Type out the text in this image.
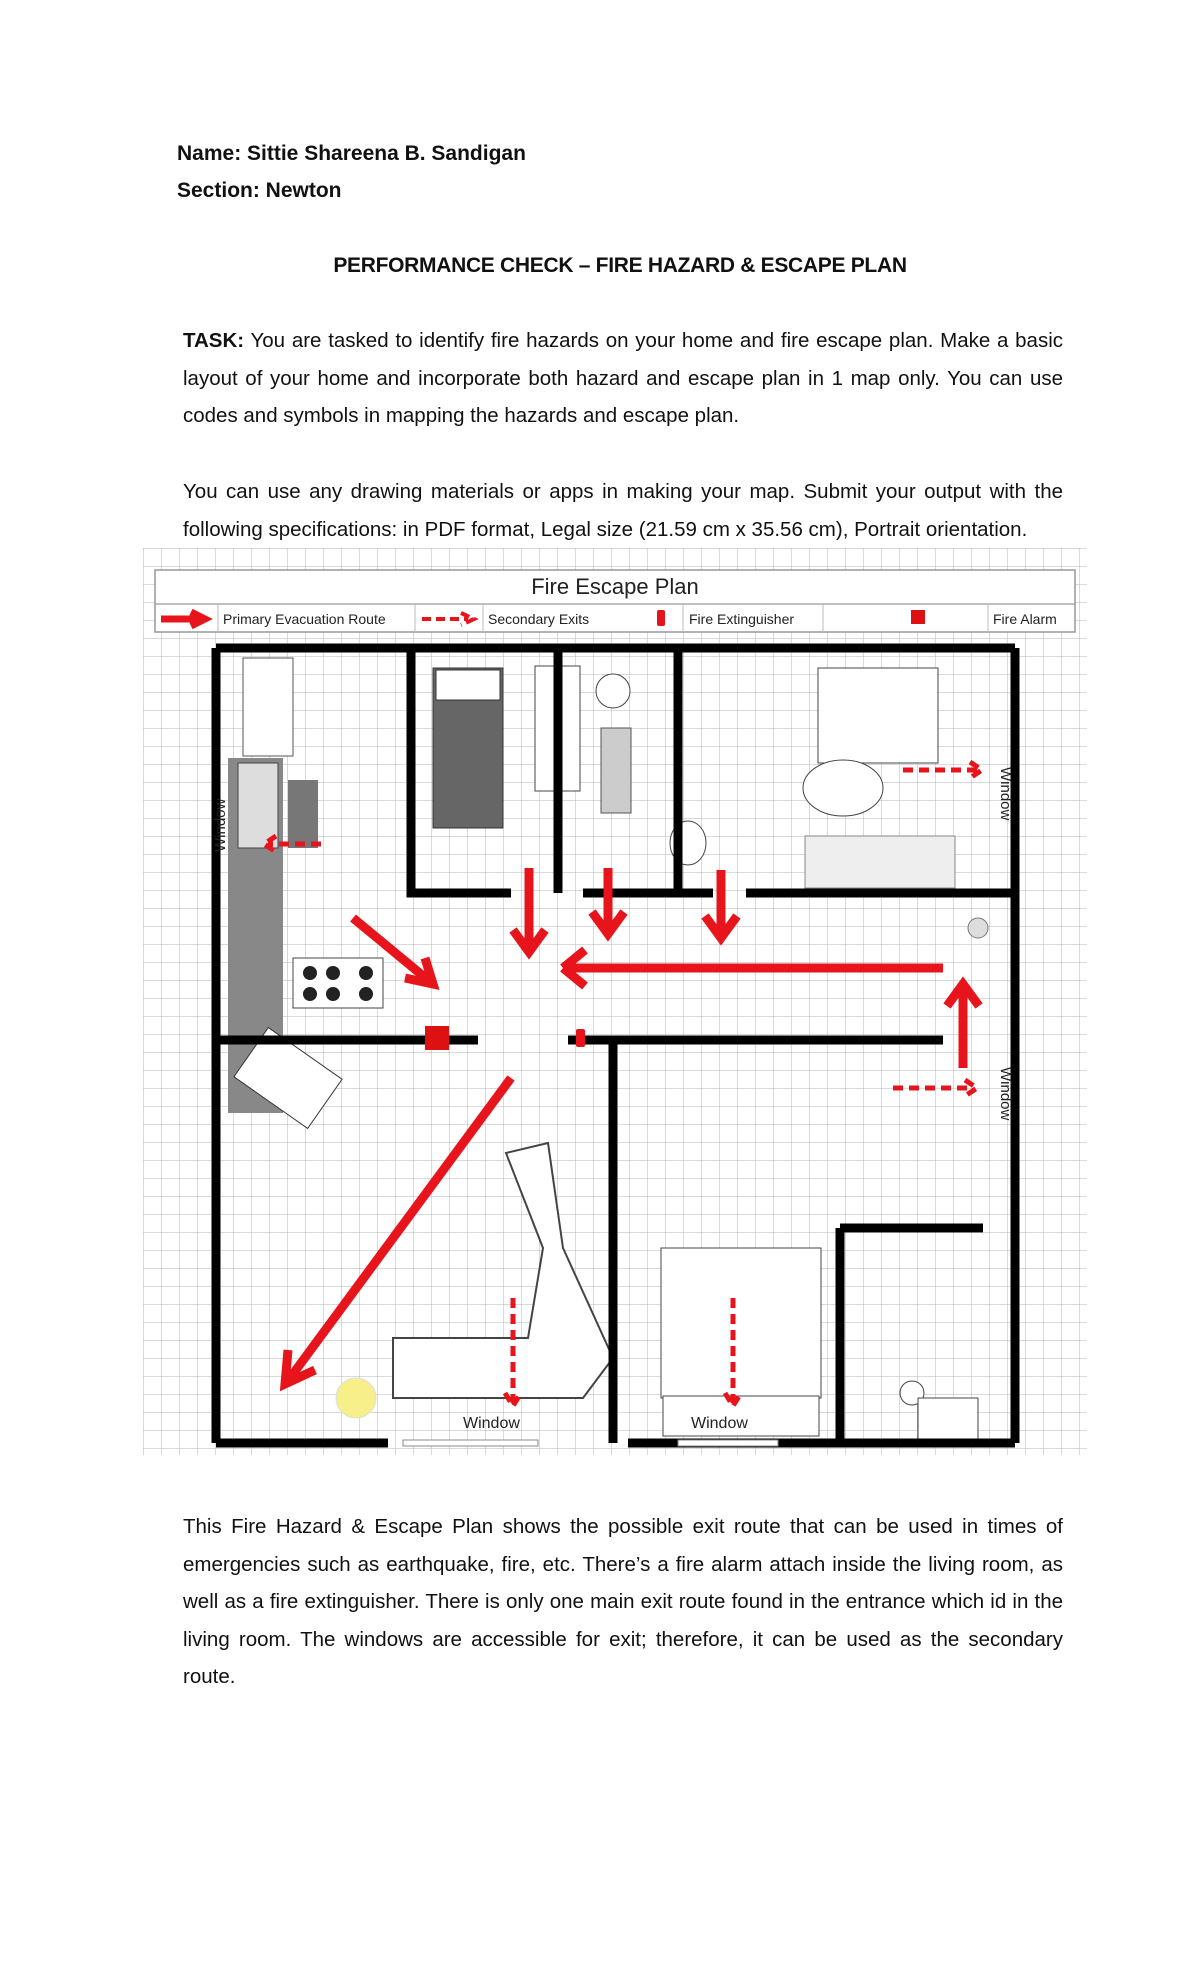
Name: Sittie Shareena B. Sandigan
Section: Newton
PERFORMANCE CHECK – FIRE HAZARD & ESCAPE PLAN
TASK: You are tasked to identify fire hazards on your home and fire escape plan. Make a basic layout of your home and incorporate both hazard and escape plan in 1 map only. You can use codes and symbols in mapping the hazards and escape plan.
You can use any drawing materials or apps in making your map. Submit your output with the following specifications: in PDF format, Legal size (21.59 cm x 35.56 cm), Portrait orientation.
Fire Escape Plan
Primary Evacuation Route	Secondary Exits	Fire Extinguisher	Fire Alarm
Window
Window
Window
Window	Window
This Fire Hazard & Escape Plan shows the possible exit route that can be used in times of emergencies such as earthquake, fire, etc. There’s a fire alarm attach inside the living room, as well as a fire extinguisher. There is only one main exit route found in the entrance which id in the living room. The windows are accessible for exit; therefore, it can be used as the secondary route.
